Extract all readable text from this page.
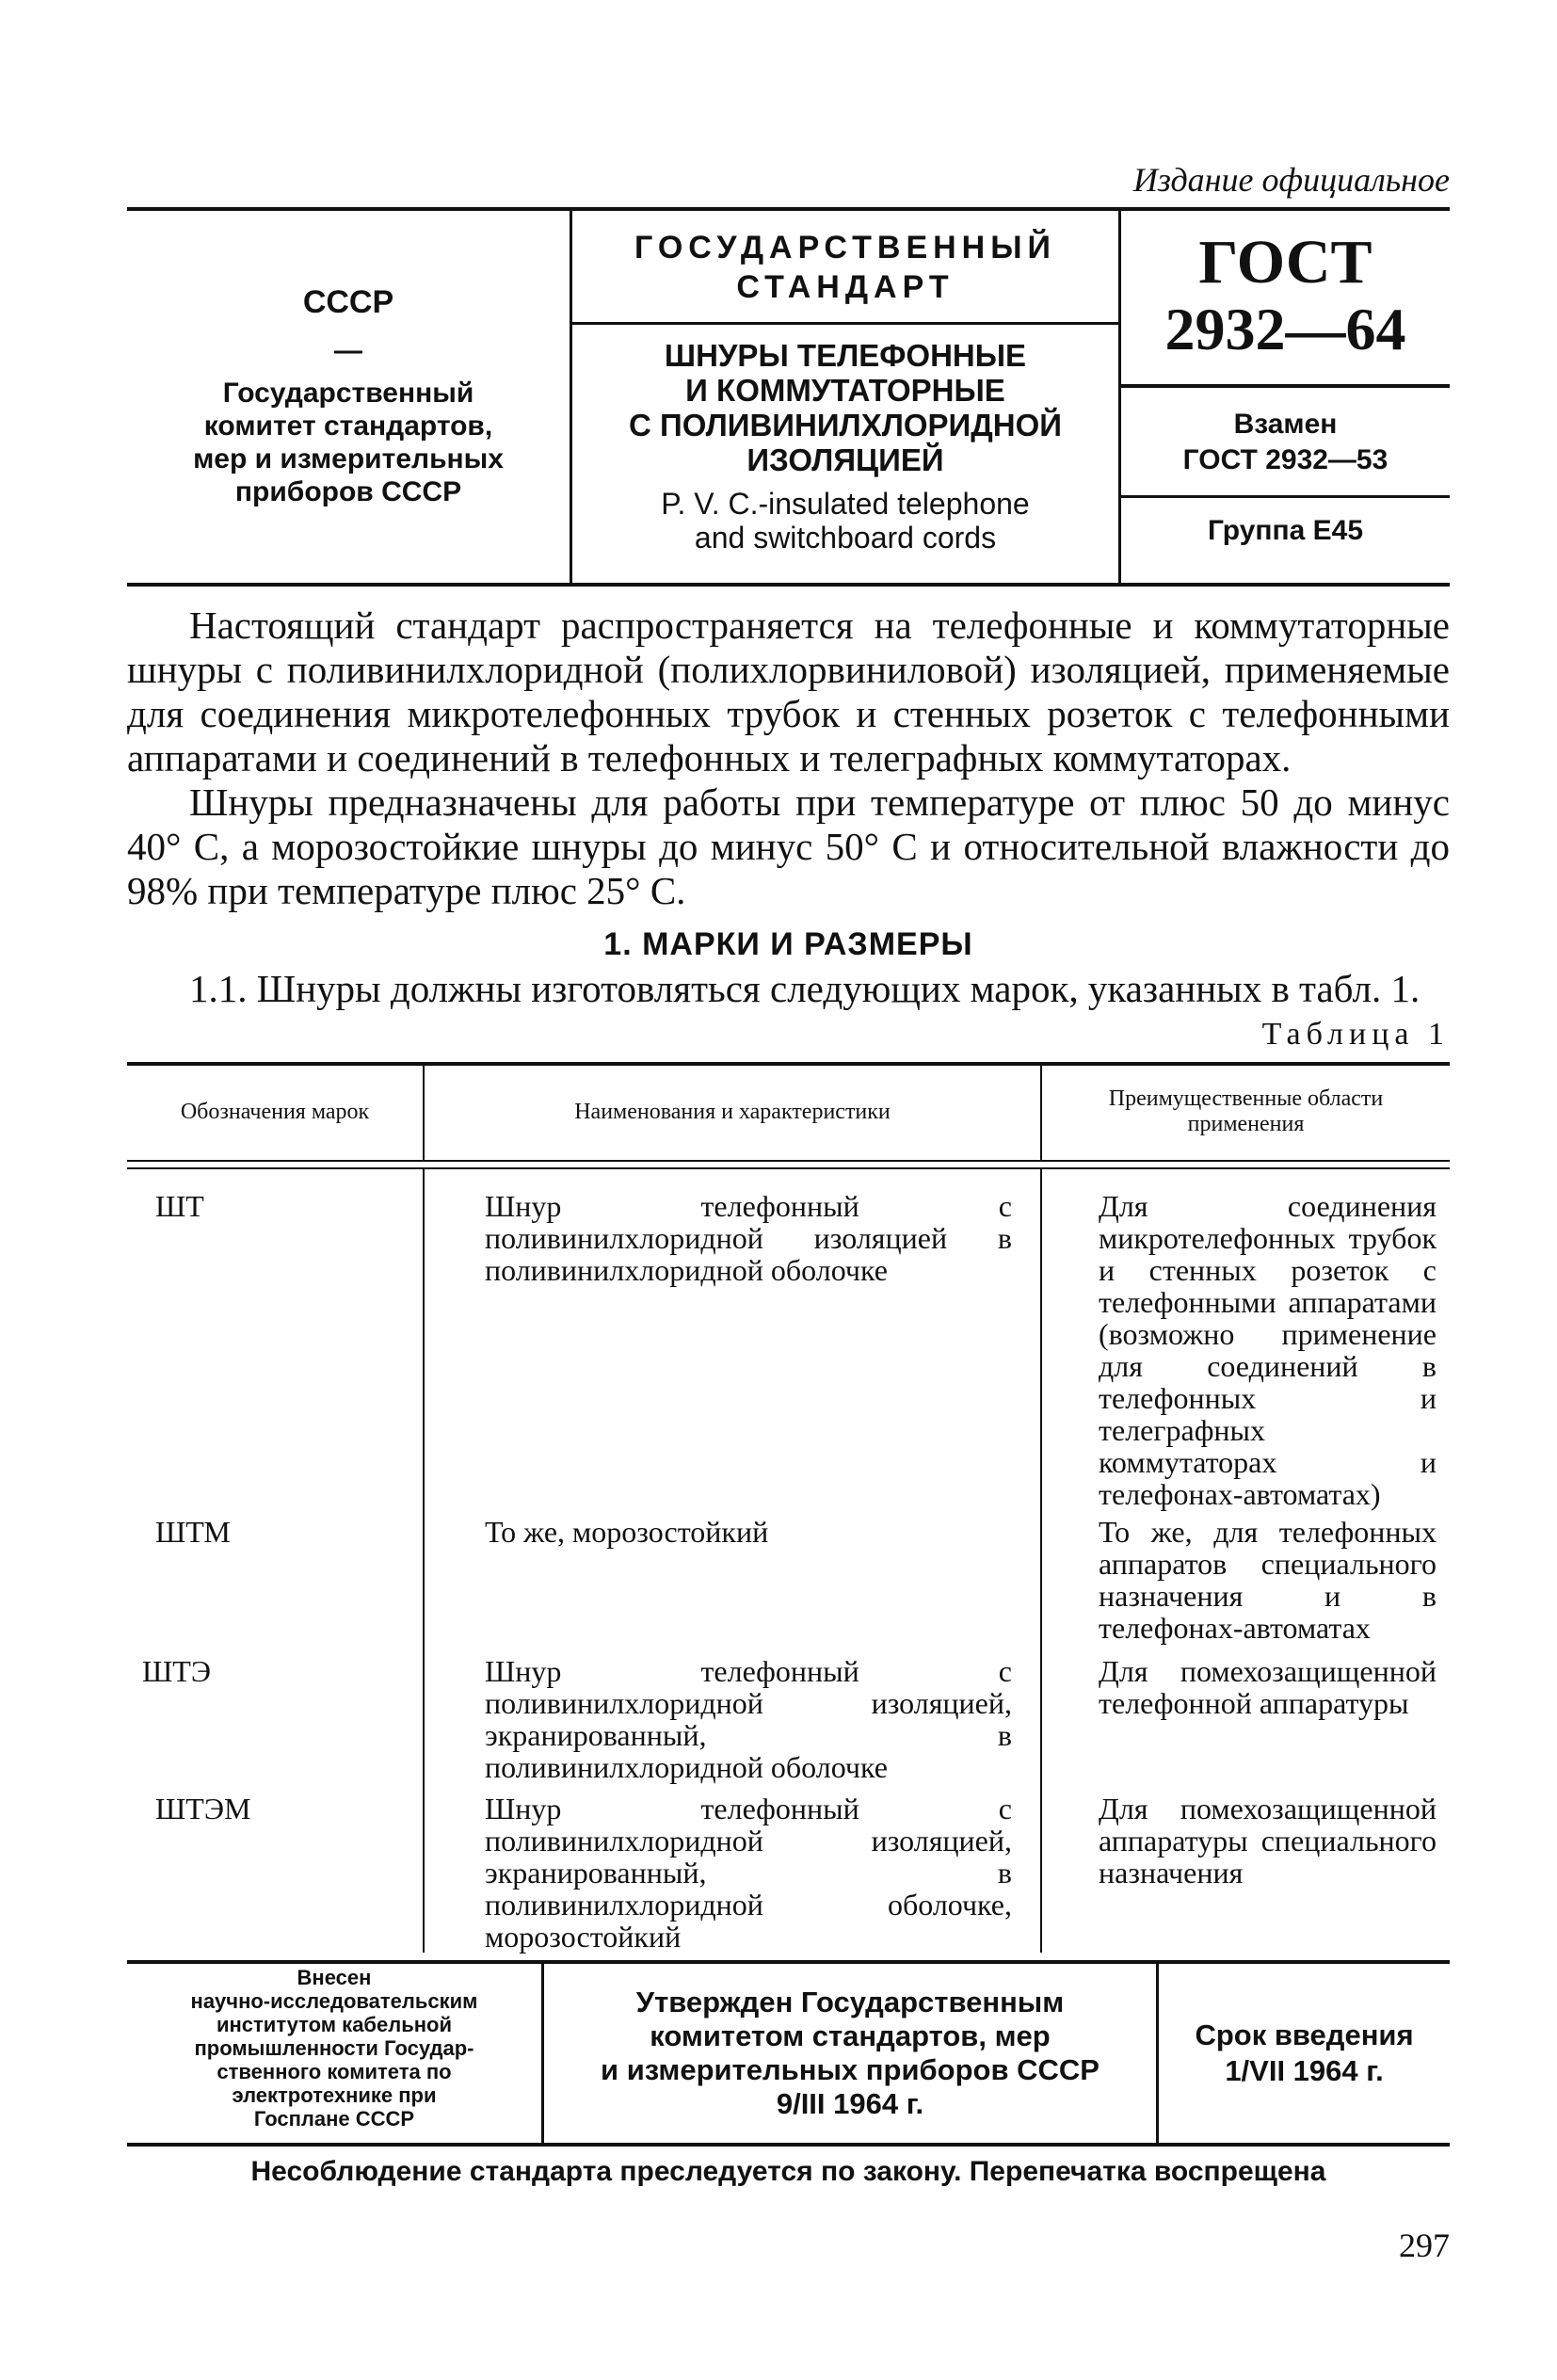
Издание официальное
СССР
—
Государственный
комитет стандартов,
мер и измерительных
приборов СССР
ГОСУДАРСТВЕННЫЙ
СТАНДАРТ
ШНУРЫ ТЕЛЕФОННЫЕ
И КОММУТАТОРНЫЕ
С ПОЛИВИНИЛХЛОРИДНОЙ
ИЗОЛЯЦИЕЙ
P. V. C.-insulated telephone
and switchboard cords
ГОСТ
2932—64
Взамен
ГОСТ 2932—53
Группа Е45

Настоящий стандарт распространяется на телефонные и коммутаторные шнуры с поливинилхлоридной (полихлорвиниловой) изоляцией, применяемые для соединения микротелефонных трубок и стенных розеток с телефонными аппаратами и соединений в телефонных и телеграфных коммутаторах.

Шнуры предназначены для работы при температуре от плюс 50 до минус 40° С, а морозостойкие шнуры до минус 50° С и относительной влажности до 98% при температуре плюс 25° С.

1. МАРКИ И РАЗМЕРЫ

1.1. Шнуры должны изготовляться следующих марок, указанных в табл. 1.

Таблица 1
Обозначения марок	Наименования и характеристики	Преимущественные области применения

ШТ	Шнур телефонный с поливинилхлоридной изоляцией в поливинилхлоридной оболочке	Для соединения микротелефонных трубок и стенных розеток с телефонными аппаратами (возможно применение для соединений в телефонных и телеграфных коммутаторах и телефонах-автоматах)
ШТМ	То же, морозостойкий	То же, для телефонных аппаратов специального назначения и в телефонах-автоматах
ШТЭ	Шнур телефонный с поливинилхлоридной изоляцией, экранированный, в поливинилхлоридной оболочке	Для помехозащищенной телефонной аппаратуры
ШТЭМ	Шнур телефонный с поливинилхлоридной изоляцией, экранированный, в поливинилхлоридной оболочке, морозостойкий	Для помехозащищенной аппаратуры специального назначения
Внесен
научно-исследовательским
институтом кабельной
промышленности Государ-
ственного комитета по
электротехнике при
Госплане СССР
Утвержден Государственным
комитетом стандартов, мер
и измерительных приборов СССР
9/III 1964 г.
Срок введения
1/VII 1964 г.
Несоблюдение стандарта преследуется по закону. Перепечатка воспрещена
297
